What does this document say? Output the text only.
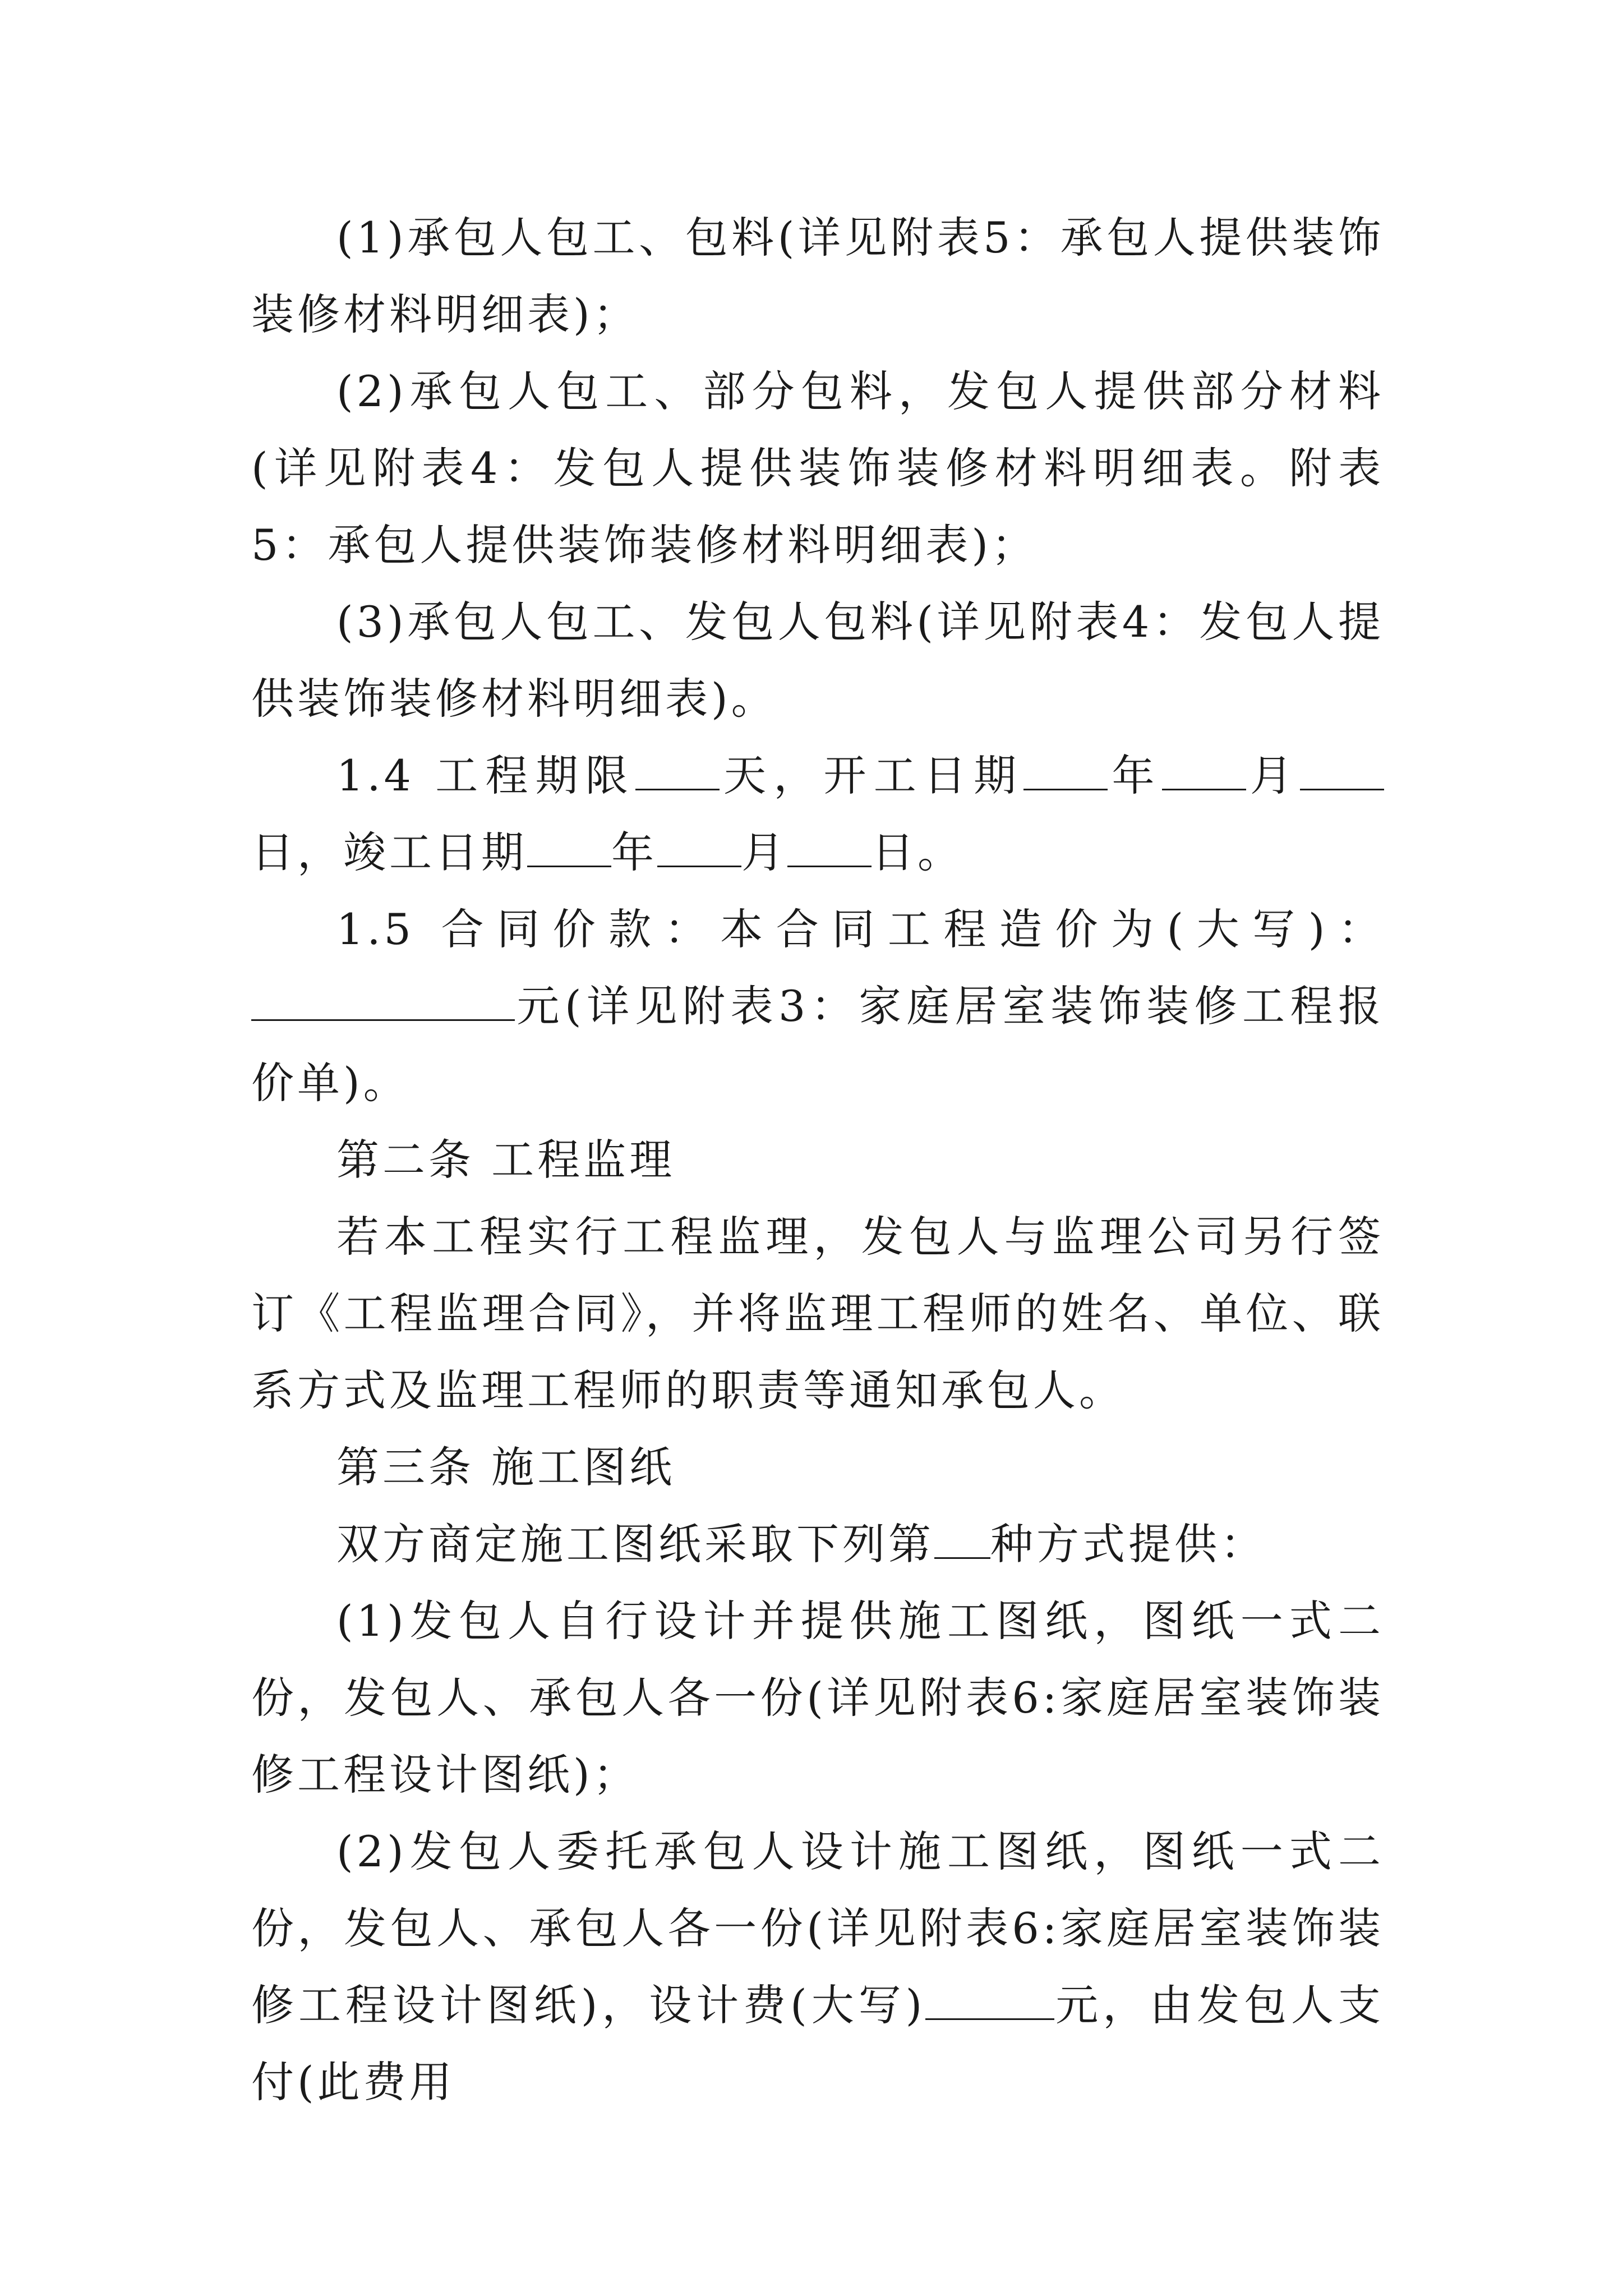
(1)承包人包工、包料(详见附表5：承包人提供装饰装修材料明细表)；

(2)承包人包工、部分包料，发包人提供部分材料(详见附表4：发包人提供装饰装修材料明细表。附表5：承包人提供装饰装修材料明细表)；

(3)承包人包工、发包人包料(详见附表4：发包人提供装饰装修材料明细表)。

1.4 工程期限 天，开工日期 年 月日，竣工日期 年 月 日。

1.5 合同价款：本合同工程造价为(大写)：

元(详见附表3：家庭居室装饰装修工程报价单)。

第二条 工程监理

若本工程实行工程监理，发包人与监理公司另行签订《工程监理合同》，并将监理工程师的姓名、单位、联系方式及监理工程师的职责等通知承包人。

第三条 施工图纸

双方商定施工图纸采取下列第 种方式提供：

(1)发包人自行设计并提供施工图纸，图纸一式二份，发包人、承包人各一份(详见附表6:家庭居室装饰装修工程设计图纸)；

(2)发包人委托承包人设计施工图纸，图纸一式二份，发包人、承包人各一份(详见附表6:家庭居室装饰装修工程设计图纸)，设计费(大写)	元，由发包人支付(此费用
